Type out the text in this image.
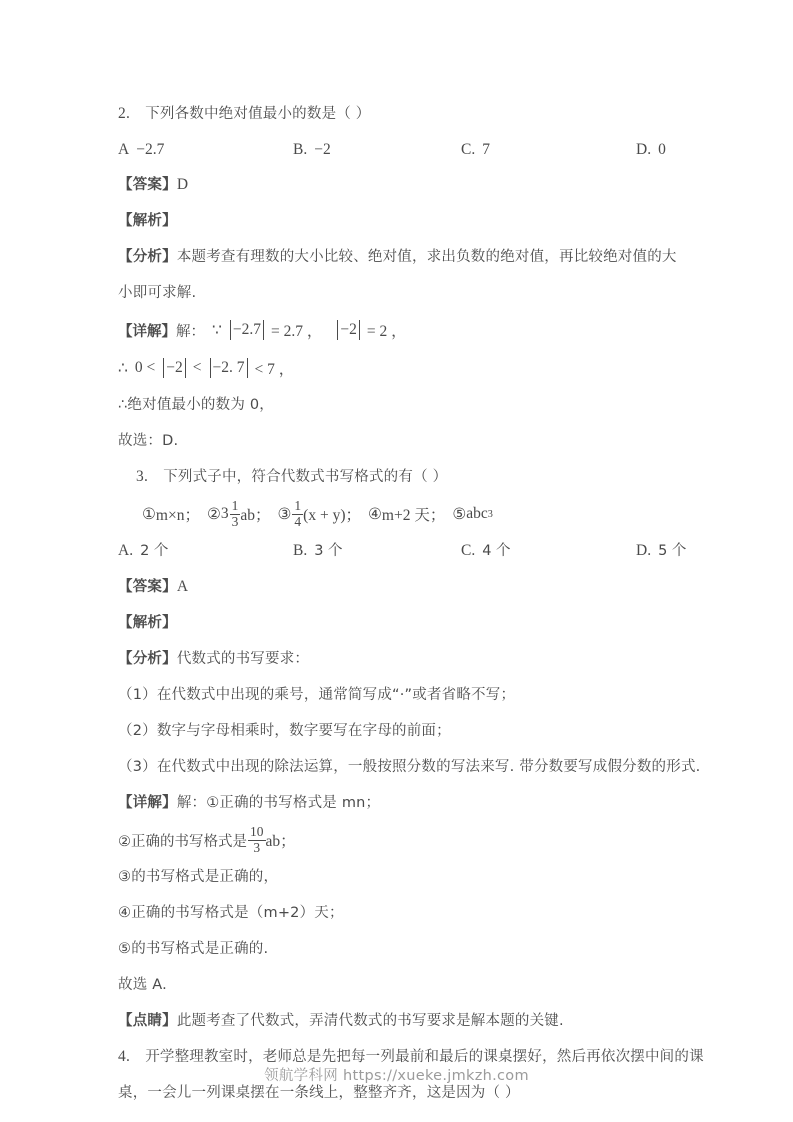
2. 下列各数中绝对值最小的数是（ ）
A −2.7	B. −2	C. 7	D. 0
【答案】D
【解析】
【分析】本题考查有理数的大小比较、绝对值，求出负数的绝对值，再比较绝对值的大小即可求解.
【详解】 解： ∵ −2.7 = 2.7 ， −2 = 2 ，
∴ 0 < −2 < −2. 7 < 7 ，
∴绝对值最小的数为 0，
故选：D.
3. 下列式子中，符合代数式书写格式的有（ ）
① m×n； ② $3 \frac{1}{3}$ ab； ③ $\frac{1}{4} (x + y)$； ④ m+2 天； ⑤ abc 3
A. 2 个	B. 3 个	C. 4 个	D. 5 个
【答案】A
【解析】
【分析】代数式的书写要求：
（1）在代数式中出现的乘号，通常简写成“·”或者省略不写；
（2）数字与字母相乘时，数字要写在字母的前面；
（3）在代数式中出现的除法运算，一般按照分数的写法来写. 带分数要写成假分数的形式.
【详解】解：①正确的书写格式是 mn；
②正确的书写格式是 $\frac{10}{3}$ ab；
③的书写格式是正确的，
④正确的书写格式是（m+2）天；
⑤的书写格式是正确的.
故选 A.
【点睛】此题考查了代数式，弄清代数式的书写要求是解本题的关键.
4. 开学整理教室时，老师总是先把每一列最前和最后的课桌摆好，然后再依次摆中间的课
桌，一会儿一列课桌摆在一条线上，整整齐齐，这是因为（ ）
领航学科网 https://xueke.jmkzh.com
